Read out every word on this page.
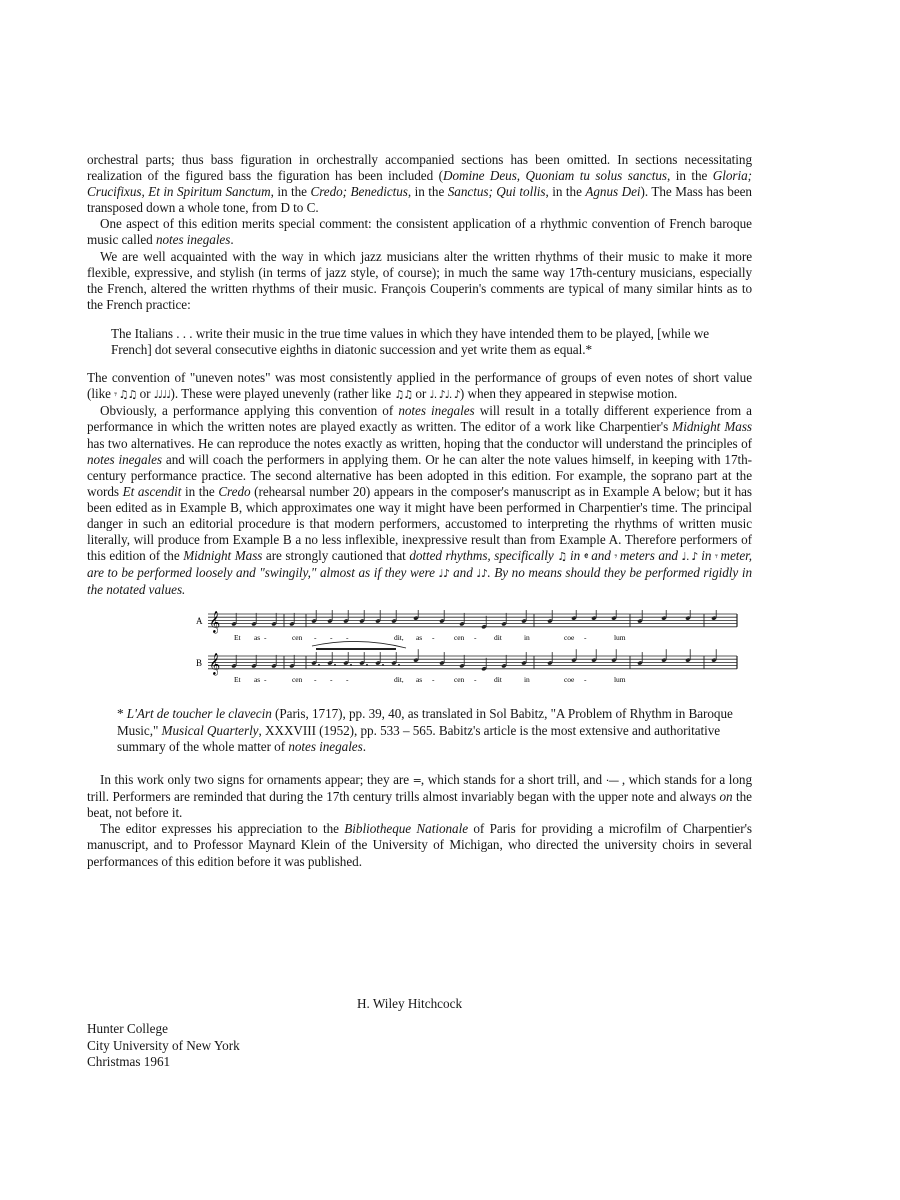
orchestral parts; thus bass figuration in orchestrally accompanied sections has been omitted. In sections necessitating realization of the figured bass the figuration has been included (Domine Deus, Quoniam tu solus sanctus, in the Gloria; Crucifixus, Et in Spiritum Sanctum, in the Credo; Benedictus, in the Sanctus; Qui tollis, in the Agnus Dei). The Mass has been transposed down a whole tone, from D to C.

One aspect of this edition merits special comment: the consistent application of a rhythmic convention of French baroque music called notes inegales.

We are well acquainted with the way in which jazz musicians alter the written rhythms of their music to make it more flexible, expressive, and stylish (in terms of jazz style, of course); in much the same way 17th-century musicians, especially the French, altered the written rhythms of their music. François Couperin's comments are typical of many similar hints as to the French practice:

The Italians . . . write their music in the true time values in which they have intended them to be played, [while we French] dot several consecutive eighths in diatonic succession and yet write them as equal.*

The convention of "uneven notes" was most consistently applied in the performance of groups of even notes of short value (like 𝄾 ♫♫ or ♩♩♩♩). These were played unevenly (rather like ♫♫ or ♩. ♪♩. ♪) when they appeared in stepwise motion.

Obviously, a performance applying this convention of notes inegales will result in a totally different experience from a performance in which the written notes are played exactly as written. The editor of a work like Charpentier's Midnight Mass has two alternatives. He can reproduce the notes exactly as written, hoping that the conductor will understand the principles of notes inegales and will coach the performers in applying them. Or he can alter the note values himself, in keeping with 17th-century performance practice. The second alternative has been adopted in this edition. For example, the soprano part at the words Et ascendit in the Credo (rehearsal number 20) appears in the composer's manuscript as in Example A below; but it has been edited as in Example B, which approximates one way it might have been performed in Charpentier's time. The principal danger in such an editorial procedure is that modern performers, accustomed to interpreting the rhythms of written music literally, will produce from Example B a no less inflexible, inexpressive result than from Example A. Therefore performers of this edition of the Midnight Mass are strongly cautioned that dotted rhythms, specifically ♫ in 𝄵 and 𝄾 meters and ♩. ♪ in 𝄾 meter, are to be performed loosely and "swingily," almost as if they were ♩♪ and ♩♪. By no means should they be performed rigidly in the notated values.

A 𝄞
Et as -	cen - - -	dit, as -	cen - dit	in	coe -	lum
B 𝄞
Et as -	cen - - -	dit, as -	cen - dit	in	coe -	lum

* L'Art de toucher le clavecin (Paris, 1717), pp. 39, 40, as translated in Sol Babitz, "A Problem of Rhythm in Baroque Music," Musical Quarterly, XXXVIII (1952), pp. 533 – 565. Babitz's article is the most extensive and authoritative summary of the whole matter of notes inegales.

In this work only two signs for ornaments appear; they are =, which stands for a short trill, and ·— , which stands for a long trill. Performers are reminded that during the 17th century trills almost invariably began with the upper note and always on the beat, not before it.

The editor expresses his appreciation to the Bibliotheque Nationale of Paris for providing a microfilm of Charpentier's manuscript, and to Professor Maynard Klein of the University of Michigan, who directed the university choirs in several performances of this edition before it was published.

H. Wiley Hitchcock
Hunter College
City University of New York
Christmas 1961
